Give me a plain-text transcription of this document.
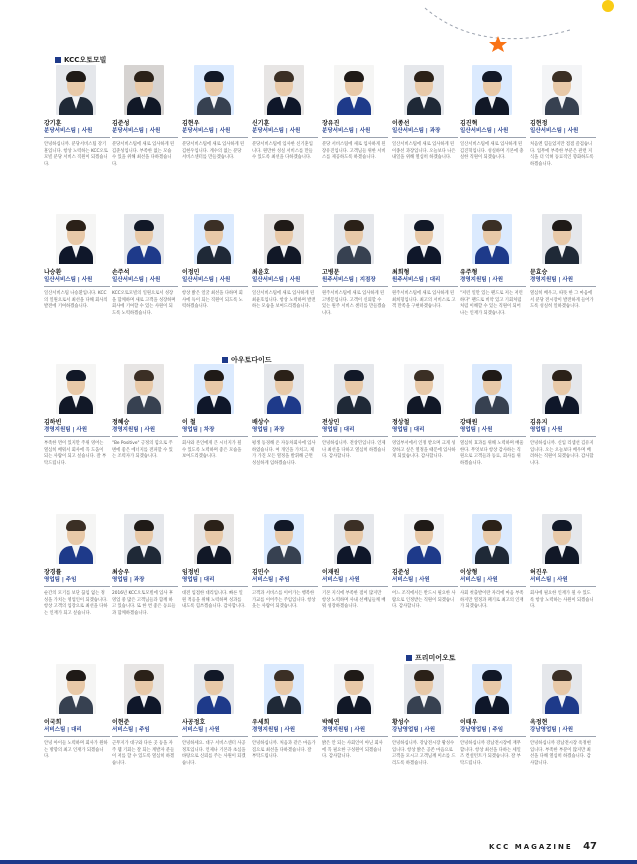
KCC오토모빌
아우토다이드
프리미어오토
강기훈
분당서비스팀 | 사원
안녕하십니까. 분당서비스팀 강기훈입니다. 항상 노력하는 KCC오토모빌 분당 서비스 직원이 되겠습니다.
김준성
분당서비스팀 | 사원
분당서비스팀에 새로 입사하게 된 김준성입니다. 부족한 없는 모습 수 있을 위해 최선을 다하겠습니다.
김현우
분당서비스팀 | 사원
분당서비스팀에 새로 입사하게 된 김현우입니다. 계수의 없는 분당 서비스센터를 만들겠습니다.
신기훈
분당서비스팀 | 사원
분당서비스팀에 입사한 신기훈입니다. 원만한 성실 서비스를 만들 수 있도록 최선을 다하겠습니다.
장유진
분당서비스팀 | 사원
분당 서비스팀에 새로 입사하게 된 장유진입니다. 고객님들 위한 서비스를 제공하도록 하겠습니다.
이종선
일산서비스팀 | 과장
일산서비스팀에 새로 입사하게 된 이종선 과장입니다. 오늘보다 나은 내일을 위해 열심히 하겠습니다.
김진혁
일산서비스팀 | 사원
일산서비스팀에 새로 입사하게 된 김진혁입니다. 성실하며 기본에 충실한 직원이 되겠습니다.
김현정
일산서비스팀 | 사원
처음엔 힘들었지만 점점 즐겁습니다. 업무에 부족한 부분은 관련 지식을 더 익혀 동료직인 향화하도록 하겠습니다.
나승환
일산서비스팀 | 사원
일산서비스팀 나승환입니다. KCC의 일원으로서 최선을 다해 회사의 발전에 기여하겠습니다.
손주석
일산서비스팀 | 사원
KCC오토모빌의 일원으로서 성장을 함께하며 새로 고객을 성장하며 회사에 기여할 수 있는 사원이 되도록 노력하겠습니다.
이정민
일산서비스팀 | 사원
항상 밝은 얼굴 최선을 다하며 회사에 득이 되는 직원이 되도록 노력하겠습니다.
최윤호
일산서비스팀 | 사원
일산서비스팀에 새로 입사하게 된 최윤호입니다. 항상 노력하며 발전하는 모습을 보여드리겠습니다.
고병문
원주서비스팀 | 지점장
원주서비스팀에 새로 입사하게 된 고병문입니다. 고객이 신뢰할 수 있는 원주 서비스 센터를 만들겠습니다.
최희형
원주서비스팀 | 대리
원주서비스팀에 새로 입사하게 된 최희형입니다. 최고의 서비스로 고객 만족을 구현하겠습니다.
유주형
경영지원팀 | 사원
"저런 일만 있는 팬드로 저는 저런하다" 팬드로 비약 있고 기회처럼 처럼 이해할 수 있는 직원이 되어 나는 인재가 되겠습니다.
문효승
경영지원팀 | 사원
열심히 배우고, 따뜻 한 그 마음에서 분당 전시장이 발전하게 들어가도록 성실히 일하겠습니다.
김하빈
경영지원팀 | 사원
부족한 면이 있지만 주위 영어는 열심히 배워서 회사에 꼭 도움이 되는 사람이 되고 싶습니다. 잘 부탁드립니다.
정혜승
경영지원팀 | 사원
"Be Positive" 긍정의 힘으로 주변에 좋은 에너지를 전파할 수 있는 조력자가 되겠습니다.
이 철
영업팀 | 차장
회사와 본인에게 큰 시너지가 될 수 있도록 노력하며 좋은 모습을 보여드리겠습니다.
배상수
영업팀 | 과장
평생 동경해 온 자동차회사에 입사하였습니다. 여 개인을 가치고, 제가 가진 모든 열정을 발휘해 근면 성실하게 임하겠습니다.
전상민
영업팀 | 대리
안녕하십니까. 전상민입니다. 언제나 최선을 다하고 열심히 하겠습니다. 감사합니다.
정상철
영업팀 | 대리
영업부서에서 인정 받으며 크게 성장하고 싶은 열정을 때문에 입사하게 되었습니다. 감사합니다.
강태원
영업팀 | 사원
열심히 효과를 위해 노력하며 배울한다. 무엇보다 항상 감사하는 직원으로 고객들과 동료, 회사를 위하겠습니다.
김유지
영업팀 | 사원
안녕하십니까. 신입 리셉션 김유지입니다. 오는 오늘보다 배우며 배려하는 직원이 되겠습니다. 감사합니다.
장경률
영업팀 | 주임
순간의 모기를 보단 끊임 없는 정성을 가치는 영업인이 되겠습니다. 항상 고객의 입장으로 최선을 다하는 인재가 되고 싶습니다.
최승우
영업팀 | 과장
2016년 KCC오토모빌에 입사 후 영업 중 많은 고객님들과 함께 하고 있습니다. 또 한 번 좋은 동료들과 함께하겠습니다.
임정빈
영업팀 | 대리
대전 입점한 대리입니다. 빠른 일원 적응을 위해 노력하며 성과를 내도록 힘쓰겠습니다. 감사합니다.
김민수
서비스팀 | 주임
고객과 서비스를 이어가는 행복한 가교를 이어주는 주임입니다. 항상 웃는 사람이 되겠습니다.
이재원
서비스팀 | 사원
기본 지식에 부족한 점이 많지만 항상 노력하며 사내 선배님들께 배워 성장하겠습니다.
김준성
서비스팀 | 사원
어느 조직에서든 반드시 필요한 사람으로 인정받는 직원이 되겠습니다. 감사합니다.
이상형
서비스팀 | 사원
사회 첫출발이란 자리에 마음 부족하지만 열정과 패기로 최고의 인재가 되겠습니다.
허진우
서비스팀 | 사원
회사에 필요한 인재가 될 수 있도록 항상 노력하는 사원이 되겠습니다.
이국희
서비스팀 | 대리
안녕 아이들 노력하며 회사가 원하는 방향의 최고 인재가 되겠습니다.
이현준
서비스팀 | 주임
근무지가 대구와 다른 곳 등을 자주 웹 기회는 잘 되는 계발자 분들이 저를 할 수 있도록 열심히 하겠습니다.
사공정호
서비스팀 | 사원
안녕하세요. 대구 서비스센터 사공정호입니다. 언제나 기본과 초심을 바탕으로 신뢰를 주는 사원이 되겠습니다.
우세희
경영지원팀 | 사원
안녕하십니까. 처음과 같은 마음가짐으로 최선을 다하겠습니다. 잘 부탁드립니다.
박혜연
경영지원팀 | 사원
밝은 안 되는 사회인이 아닌 회사에 꼭 필요한 구성원이 되겠습니다. 감사합니다.
황성수
강남영업팀 | 사원
안녕하십니까. 강남전시장 황성수입니다. 항상 밝은 공존 마음으로 고객을 모시고 고객님께 미소를 드리도록 하겠습니다.
이태우
강남영업팀 | 주임
안녕하십니까 강남전시장에 재무합니다. 항상 최선을 다하는 세일즈 컨설턴트가 되겠습니다. 잘 부탁드립니다.
옥정현
강남영업팀 | 사원
안녕하십니까 강남전시장 옥정현 입니다. 부족한 부분이 많지만 최선을 다해 열심히 하겠습니다. 감사합니다.
KCC MAGAZINE 47
